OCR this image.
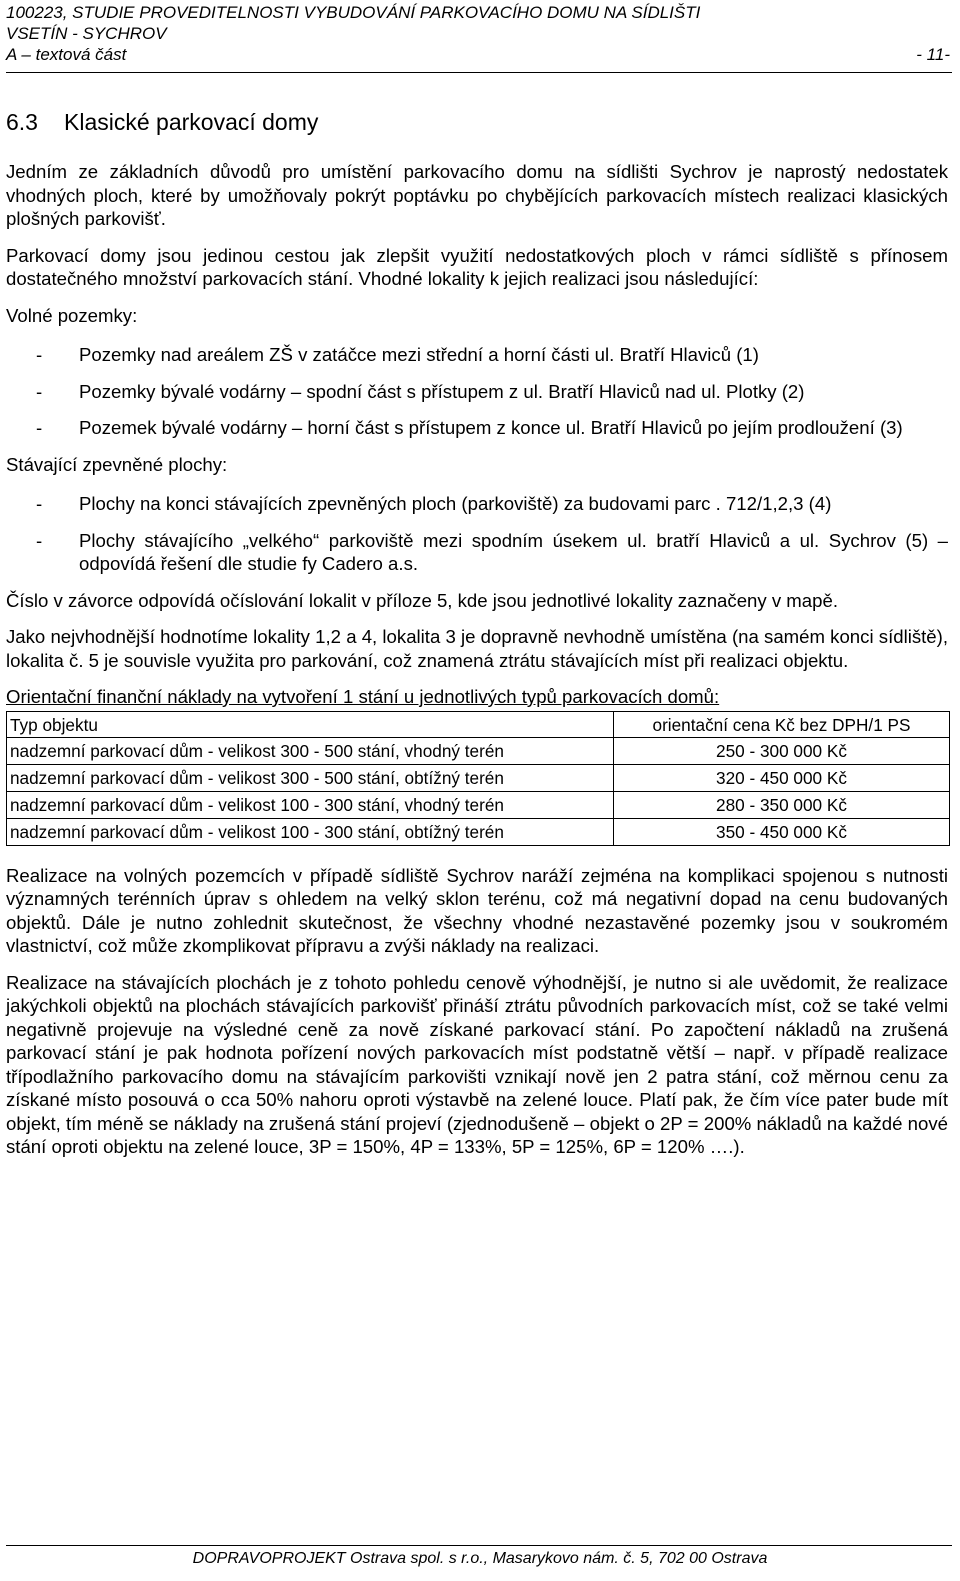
100223, STUDIE PROVEDITELNOSTI VYBUDOVÁNÍ PARKOVACÍHO DOMU NA SÍDLIŠTI
VSETÍN - SYCHROV
A – textová část	- 11-
6.3 Klasické parkovací domy

Jedním ze základních důvodů pro umístění parkovacího domu na sídlišti Sychrov je naprostý nedostatek vhodných ploch, které by umožňovaly pokrýt poptávku po chybějících parkovacích místech realizaci klasických plošných parkovišť.

Parkovací domy jsou jedinou cestou jak zlepšit využití nedostatkových ploch v rámci sídliště s přínosem dostatečného množství parkovacích stání. Vhodné lokality k jejich realizaci jsou následující:

Volné pozemky:
- Pozemky nad areálem ZŠ v zatáčce mezi střední a horní části ul. Bratří Hlaviců (1)
- Pozemky bývalé vodárny – spodní část s přístupem z ul. Bratří Hlaviců nad ul. Plotky (2)
- Pozemek bývalé vodárny – horní část s přístupem z konce ul. Bratří Hlaviců po jejím prodloužení (3)
Stávající zpevněné plochy:
- Plochy na konci stávajících zpevněných ploch (parkoviště) za budovami parc . 712/1,2,3 (4)
- Plochy stávajícího „velkého“ parkoviště mezi spodním úsekem ul. bratří Hlaviců a ul. Sychrov (5) – odpovídá řešení dle studie fy Cadero a.s.

Číslo v závorce odpovídá očíslování lokalit v příloze 5, kde jsou jednotlivé lokality zaznačeny v mapě.

Jako nejvhodnější hodnotíme lokality 1,2 a 4, lokalita 3 je dopravně nevhodně umístěna (na samém konci sídliště), lokalita č. 5 je souvisle využita pro parkování, což znamená ztrátu stávajících míst při realizaci objektu.

Orientační finanční náklady na vytvoření 1 stání u jednotlivých typů parkovacích domů:
Typ objektu	orientační cena Kč bez DPH/1 PS
nadzemní parkovací dům - velikost 300 - 500 stání, vhodný terén	250 - 300 000 Kč
nadzemní parkovací dům - velikost 300 - 500 stání, obtížný terén	320 - 450 000 Kč
nadzemní parkovací dům - velikost 100 - 300 stání, vhodný terén	280 - 350 000 Kč
nadzemní parkovací dům - velikost 100 - 300 stání, obtížný terén	350 - 450 000 Kč

Realizace na volných pozemcích v případě sídliště Sychrov naráží zejména na komplikaci spojenou s nutnosti významných terénních úprav s ohledem na velký sklon terénu, což má negativní dopad na cenu budovaných objektů. Dále je nutno zohlednit skutečnost, že všechny vhodné nezastavěné pozemky jsou v soukromém vlastnictví, což může zkomplikovat přípravu a zvýši náklady na realizaci.

Realizace na stávajících plochách je z tohoto pohledu cenově výhodnější, je nutno si ale uvědomit, že realizace jakýchkoli objektů na plochách stávajících parkovišť přináší ztrátu původních parkovacích míst, což se také velmi negativně projevuje na výsledné ceně za nově získané parkovací stání. Po započtení nákladů na zrušená parkovací stání je pak hodnota pořízení nových parkovacích míst podstatně větší – např. v případě realizace třípodlažního parkovacího domu na stávajícím parkovišti vznikají nově jen 2 patra stání, což měrnou cenu za získané místo posouvá o cca 50% nahoru oproti výstavbě na zelené louce. Platí pak, že čím více pater bude mít objekt, tím méně se náklady na zrušená stání projeví (zjednodušeně – objekt o 2P = 200% nákladů na každé nové stání oproti objektu na zelené louce, 3P = 150%, 4P = 133%, 5P = 125%, 6P = 120% ….).

DOPRAVOPROJEKT Ostrava spol. s r.o., Masarykovo nám. č. 5, 702 00 Ostrava
